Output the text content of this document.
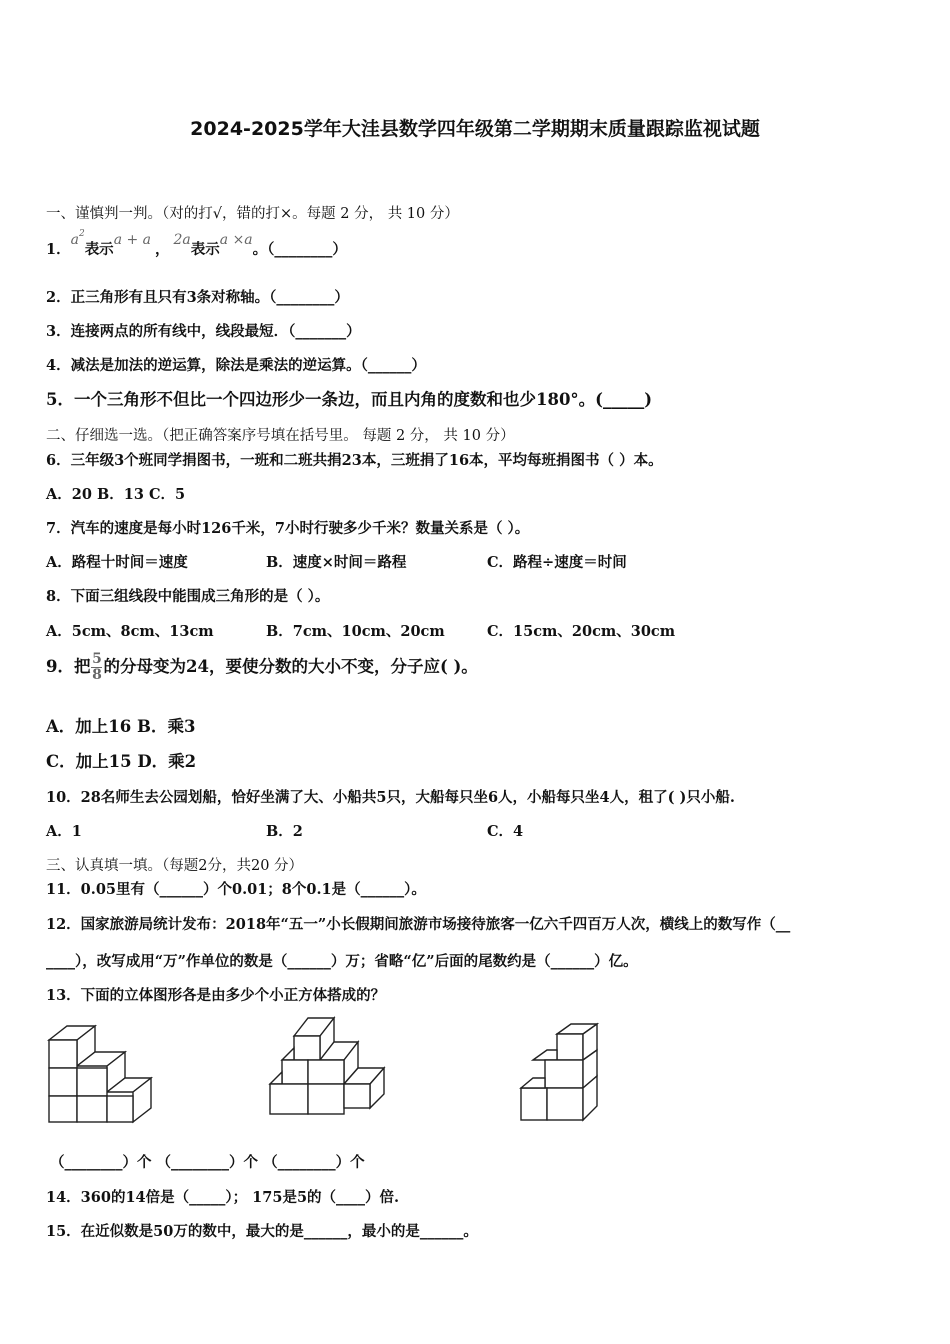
2024-2025学年大洼县数学四年级第二学期期末质量跟踪监视试题
一、谨慎判一判。（对的打√，错的打×。每题 2 分， 共 10 分）
1．$a^2$表示a + a，2a表示a ×a。（________）
2．正三角形有且只有3条对称轴。（________）
3．连接两点的所有线中，线段最短．（_______）
4．减法是加法的逆运算，除法是乘法的逆运算。（______）
5．一个三角形不但比一个四边形少一条边，而且内角的度数和也少180°。(_____)
二、仔细选一选。（把正确答案序号填在括号里。 每题 2 分， 共 10 分）
6．三年级3个班同学捐图书，一班和二班共捐23本，三班捐了16本，平均每班捐图书（ ）本。
A．20 B．13 C．5
7．汽车的速度是每小时126千米，7小时行驶多少千米？数量关系是（ ）。
A．路程十时间＝速度	B．速度×时间＝路程	C．路程÷速度＝时间

8．下面三组线段中能围成三角形的是（ ）。
A．5cm、8cm、13cm	B．7cm、10cm、20cm	C．15cm、20cm、30cm

9．把 $\frac{5}{8}$ 的分母变为24，要使分数的大小不变，分子应( )。
A．加上16 B．乘3
C．加上15 D．乘2
10．28名师生去公园划船，恰好坐满了大、小船共5只，大船每只坐6人，小船每只坐4人，租了( )只小船.
A．1	B．2	C．4

三、认真填一填。（每题2分，共20 分）
11．0.05里有（______）个0.01；8个0.1是（______）。
12．国家旅游局统计发布：2018年“五一”小长假期间旅游市场接待旅客一亿六千四百万人次，横线上的数写作（__
____），改写成用“万”作单位的数是（______）万；省略“亿”后面的尾数约是（______）亿。
13．下面的立体图形各是由多少个小正方体搭成的？
（________）个 （________）个 （________）个
14．360的14倍是（_____）； 175是5的（____）倍.
15．在近似数是50万的数中，最大的是______，最小的是______。
